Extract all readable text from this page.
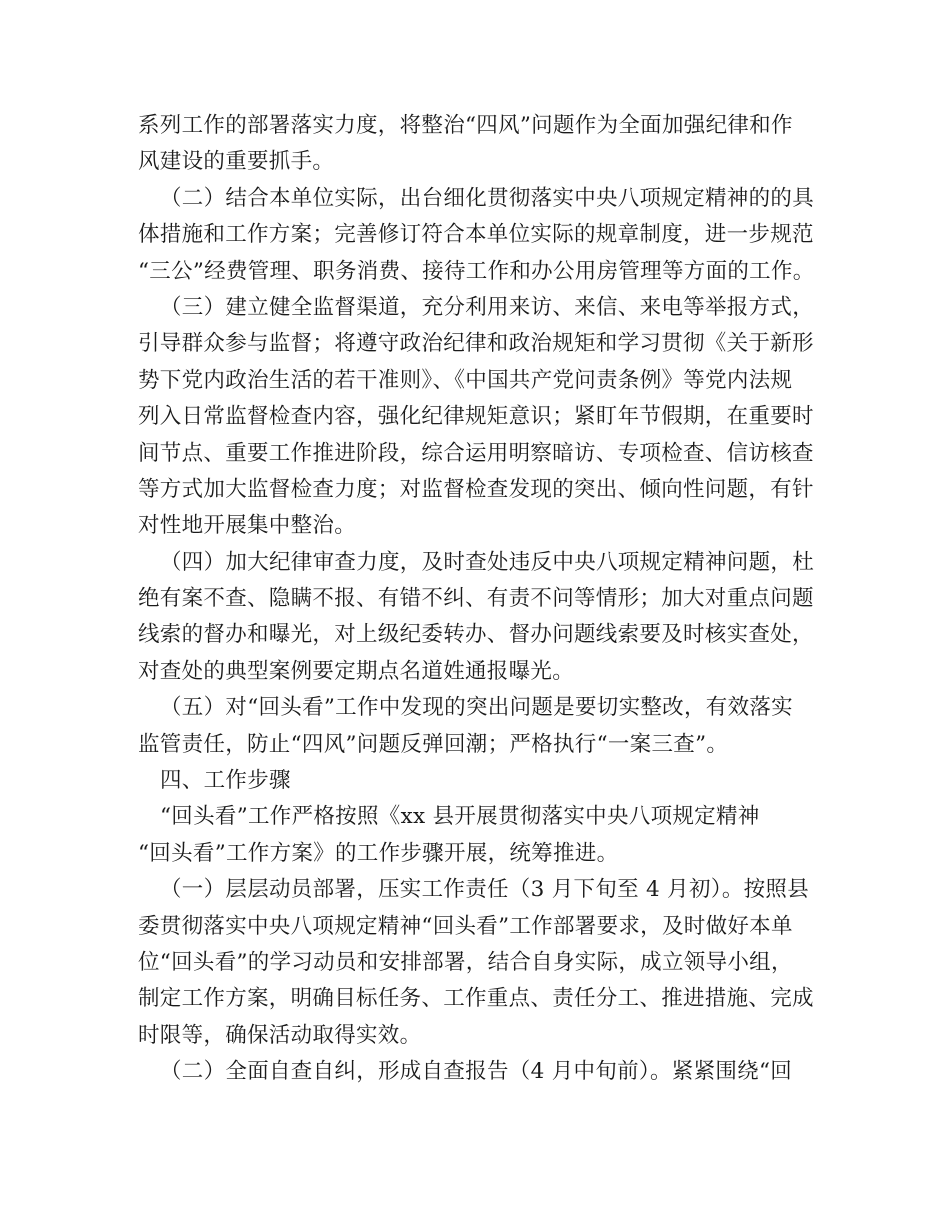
系列工作的部署落实力度，将整治“四风”问题作为全面加强纪律和作
风建设的重要抓手。
（二）结合本单位实际，出台细化贯彻落实中央八项规定精神的的具
体措施和工作方案；完善修订符合本单位实际的规章制度，进一步规范
“三公”经费管理、职务消费、接待工作和办公用房管理等方面的工作。
（三）建立健全监督渠道，充分利用来访、来信、来电等举报方式，
引导群众参与监督；将遵守政治纪律和政治规矩和学习贯彻《关于新形
势下党内政治生活的若干准则》、《中国共产党问责条例》等党内法规
列入日常监督检查内容，强化纪律规矩意识；紧盯年节假期，在重要时
间节点、重要工作推进阶段，综合运用明察暗访、专项检查、信访核查
等方式加大监督检查力度；对监督检查发现的突出、倾向性问题，有针
对性地开展集中整治。
（四）加大纪律审查力度，及时查处违反中央八项规定精神问题，杜
绝有案不查、隐瞒不报、有错不纠、有责不问等情形；加大对重点问题
线索的督办和曝光，对上级纪委转办、督办问题线索要及时核实查处，
对查处的典型案例要定期点名道姓通报曝光。
（五）对“回头看”工作中发现的突出问题是要切实整改，有效落实
监管责任，防止“四风”问题反弹回潮；严格执行“一案三查”。
四、工作步骤
“回头看”工作严格按照《xx 县开展贯彻落实中央八项规定精神
“回头看”工作方案》的工作步骤开展，统筹推进。
（一）层层动员部署，压实工作责任（3 月下旬至 4 月初）。按照县
委贯彻落实中央八项规定精神“回头看”工作部署要求，及时做好本单
位“回头看”的学习动员和安排部署，结合自身实际，成立领导小组，
制定工作方案，明确目标任务、工作重点、责任分工、推进措施、完成
时限等，确保活动取得实效。
（二）全面自查自纠，形成自查报告（4 月中旬前）。紧紧围绕“回
